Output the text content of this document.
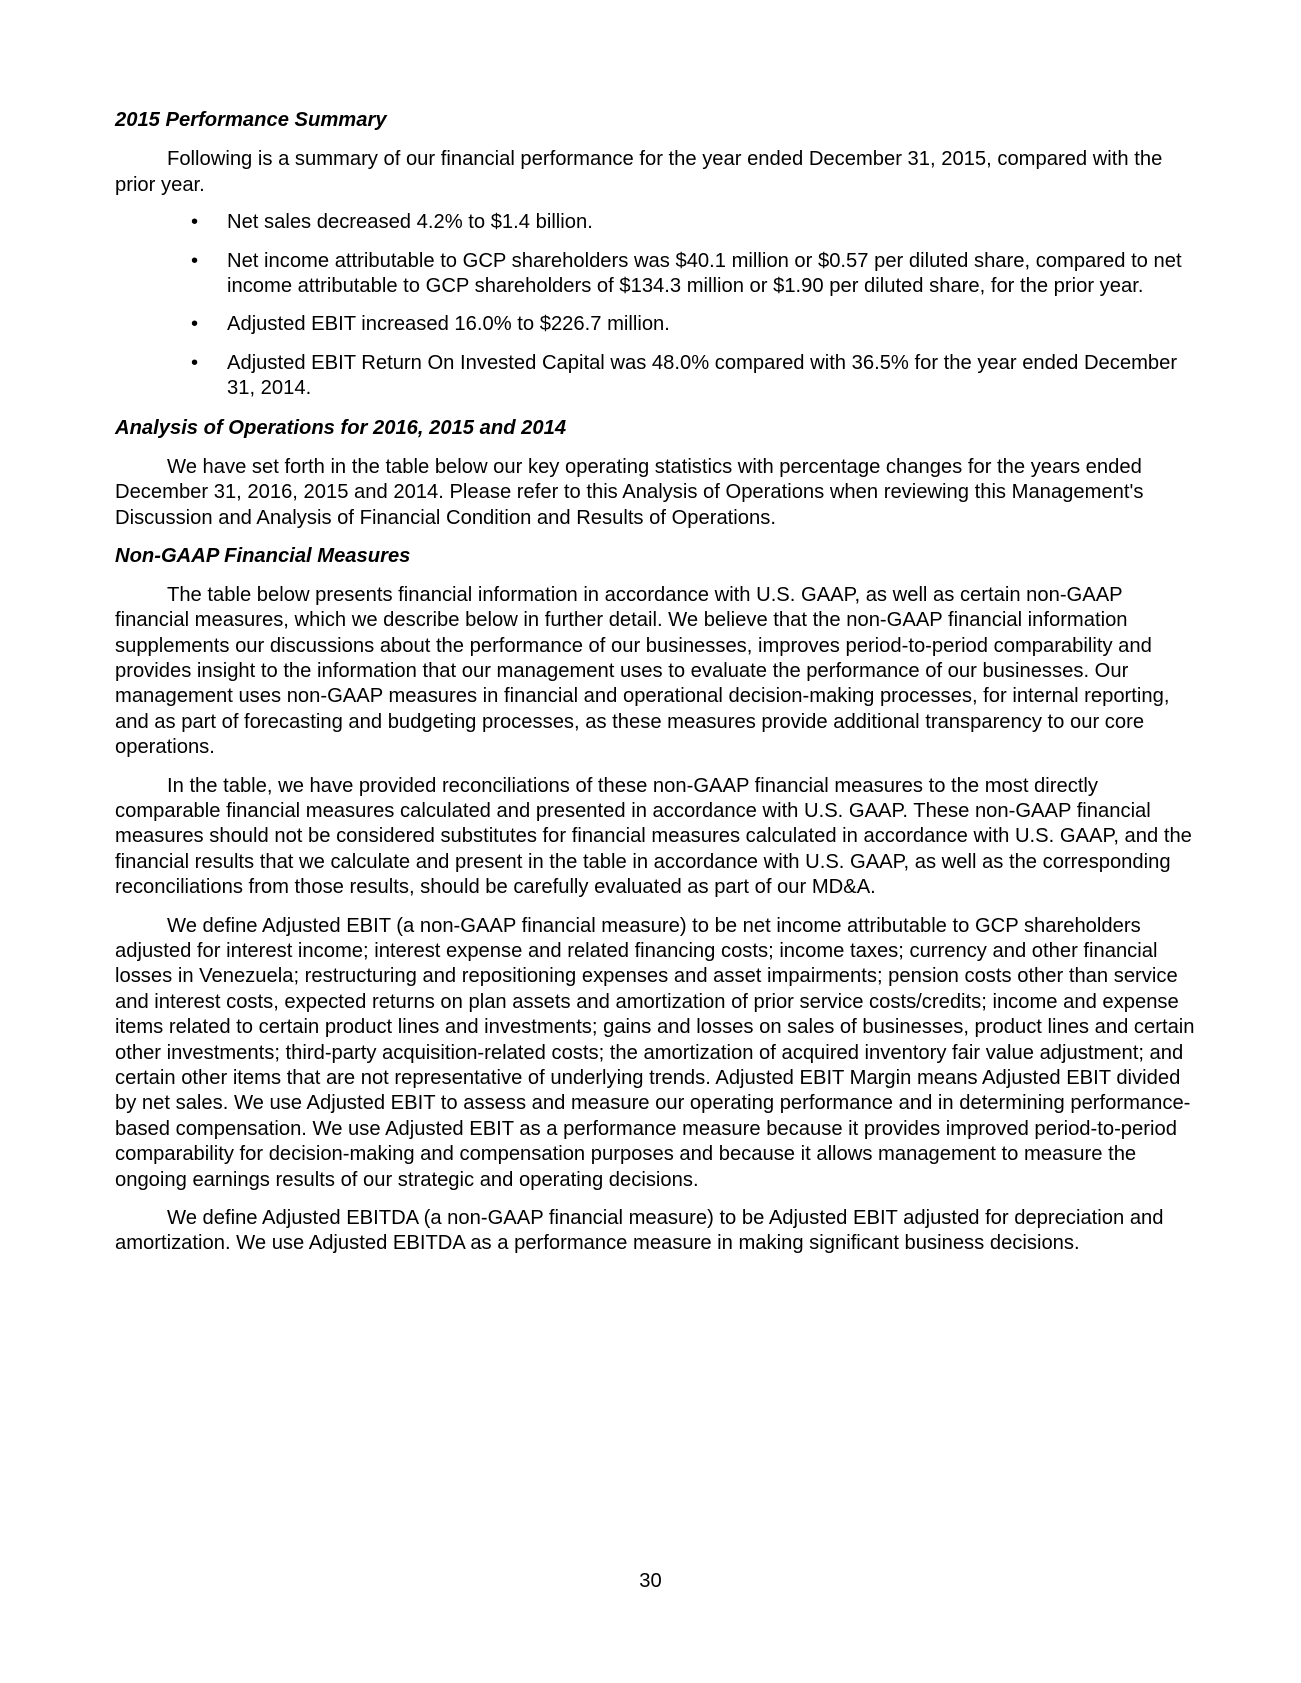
2015 Performance Summary

Following is a summary of our financial performance for the year ended December 31, 2015, compared with the prior year.

• Net sales decreased 4.2% to $1.4 billion.
• Net income attributable to GCP shareholders was $40.1 million or $0.57 per diluted share, compared to net income attributable to GCP shareholders of $134.3 million or $1.90 per diluted share, for the prior year.
• Adjusted EBIT increased 16.0% to $226.7 million.
• Adjusted EBIT Return On Invested Capital was 48.0% compared with 36.5% for the year ended December 31, 2014.

Analysis of Operations for 2016, 2015 and 2014

We have set forth in the table below our key operating statistics with percentage changes for the years ended December 31, 2016, 2015 and 2014. Please refer to this Analysis of Operations when reviewing this Management's Discussion and Analysis of Financial Condition and Results of Operations.

Non-GAAP Financial Measures

The table below presents financial information in accordance with U.S. GAAP, as well as certain non-GAAP financial measures, which we describe below in further detail. We believe that the non-GAAP financial information supplements our discussions about the performance of our businesses, improves period-to-period comparability and provides insight to the information that our management uses to evaluate the performance of our businesses. Our management uses non-GAAP measures in financial and operational decision-making processes, for internal reporting, and as part of forecasting and budgeting processes, as these measures provide additional transparency to our core operations.

In the table, we have provided reconciliations of these non-GAAP financial measures to the most directly comparable financial measures calculated and presented in accordance with U.S. GAAP. These non-GAAP financial measures should not be considered substitutes for financial measures calculated in accordance with U.S. GAAP, and the financial results that we calculate and present in the table in accordance with U.S. GAAP, as well as the corresponding reconciliations from those results, should be carefully evaluated as part of our MD&A.

We define Adjusted EBIT (a non-GAAP financial measure) to be net income attributable to GCP shareholders adjusted for interest income; interest expense and related financing costs; income taxes; currency and other financial losses in Venezuela; restructuring and repositioning expenses and asset impairments; pension costs other than service and interest costs, expected returns on plan assets and amortization of prior service costs/credits; income and expense items related to certain product lines and investments; gains and losses on sales of businesses, product lines and certain other investments; third-party acquisition-related costs; the amortization of acquired inventory fair value adjustment; and certain other items that are not representative of underlying trends. Adjusted EBIT Margin means Adjusted EBIT divided by net sales. We use Adjusted EBIT to assess and measure our operating performance and in determining performance-based compensation. We use Adjusted EBIT as a performance measure because it provides improved period-to-period comparability for decision-making and compensation purposes and because it allows management to measure the ongoing earnings results of our strategic and operating decisions.

We define Adjusted EBITDA (a non-GAAP financial measure) to be Adjusted EBIT adjusted for depreciation and amortization. We use Adjusted EBITDA as a performance measure in making significant business decisions.

30
